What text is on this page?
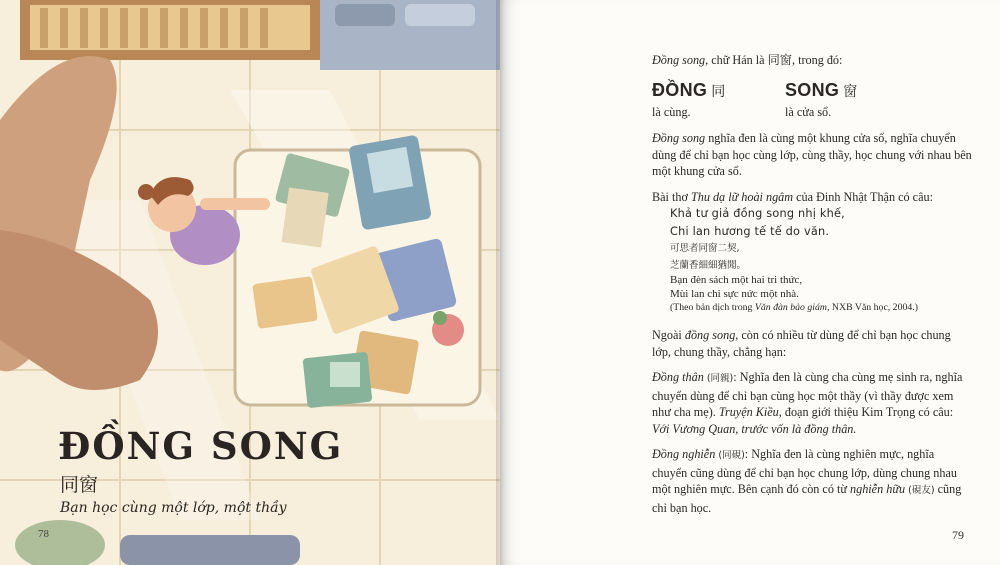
ĐỒNG SONG
同窗
Bạn học cùng một lớp, một thầy
78

Đồng song, chữ Hán là 同窗, trong đó:

ĐỒNG 同
là cùng.
SONG 窗
là cửa sổ.

Đồng song nghĩa đen là cùng một khung cửa sổ, nghĩa chuyển dùng để chỉ bạn học cùng lớp, cùng thầy, học chung với nhau bên một khung cửa sổ.

Bài thơ Thu dạ lữ hoài ngâm của Đinh Nhật Thận có câu:

Khả tư giả đồng song nhị khế,
Chi lan hương tế tế do văn.
可思者同窗二契,
芝蘭香細細猶聞。
Bạn đèn sách một hai tri thức,
Mùi lan chi sực nức một nhà.

(Theo bản dịch trong Văn đàn bảo giám, NXB Văn học, 2004.)

Ngoài đồng song, còn có nhiều từ dùng để chỉ bạn học chung lớp, chung thầy, chẳng hạn:

Đồng thân (同親): Nghĩa đen là cùng cha cùng mẹ sinh ra, nghĩa chuyển dùng để chỉ bạn cùng học một thầy (vì thầy được xem như cha mẹ). Truyện Kiều, đoạn giới thiệu Kim Trọng có câu: Với Vương Quan, trước vốn là đồng thân.

Đồng nghiễn (同硯): Nghĩa đen là cùng nghiên mực, nghĩa chuyển cũng dùng để chỉ bạn học chung lớp, dùng chung nhau một nghiên mực. Bên cạnh đó còn có từ nghiễn hữu (硯友) cũng chỉ bạn học.

79
